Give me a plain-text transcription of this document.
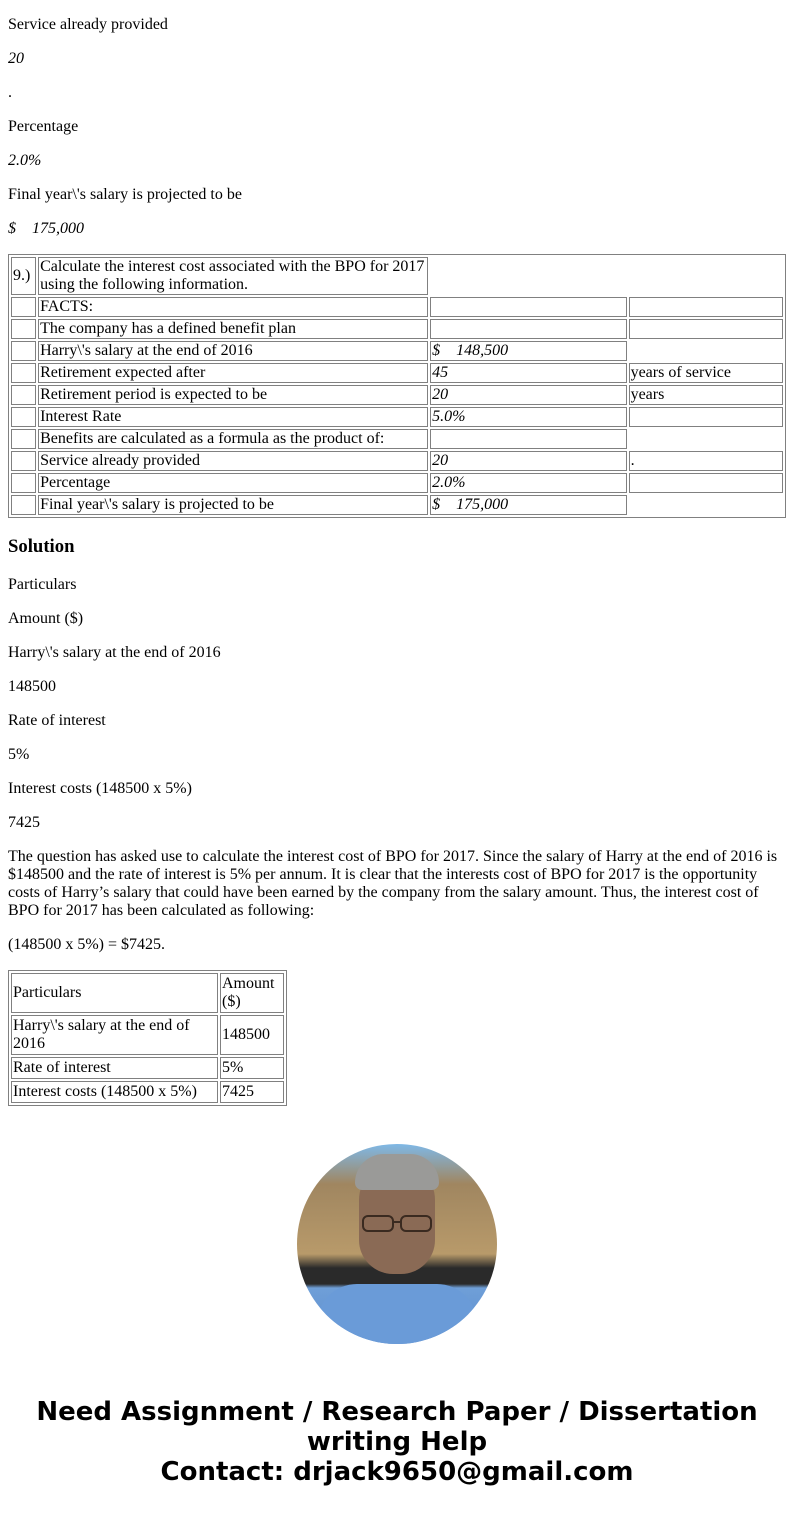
Service already provided

20

.

Percentage

2.0%

Final year\'s salary is projected to be

$    175,000

9.)	Calculate the interest cost associated with the BPO for 2017 using the following information.		
	FACTS:		
	The company has a defined benefit plan		
	Harry\'s salary at the end of 2016	$    148,500	
	Retirement expected after	45	years of service
	Retirement period is expected to be	20	years
	Interest Rate	5.0%	
	Benefits are calculated as a formula as the product of:		
	Service already provided	20	.
	Percentage	2.0%	
	Final year\'s salary is projected to be	$    175,000	
Solution

Particulars

Amount ($)

Harry\'s salary at the end of 2016

148500

Rate of interest

5%

Interest costs (148500 x 5%)

7425

The question has asked use to calculate the interest cost of BPO for 2017. Since the salary of Harry at the end of 2016 is $148500 and the rate of interest is 5% per annum. It is clear that the interests cost of BPO for 2017 is the opportunity costs of Harry’s salary that could have been earned by the company from the salary amount. Thus, the interest cost of BPO for 2017 has been calculated as following:

(148500 x 5%) = $7425.

Particulars	Amount ($)
Harry\'s salary at the end of 2016	148500
Rate of interest	5%
Interest costs (148500 x 5%)	7425
Need Assignment / Research Paper / Dissertation
writing Help
Contact: drjack9650@gmail.com
